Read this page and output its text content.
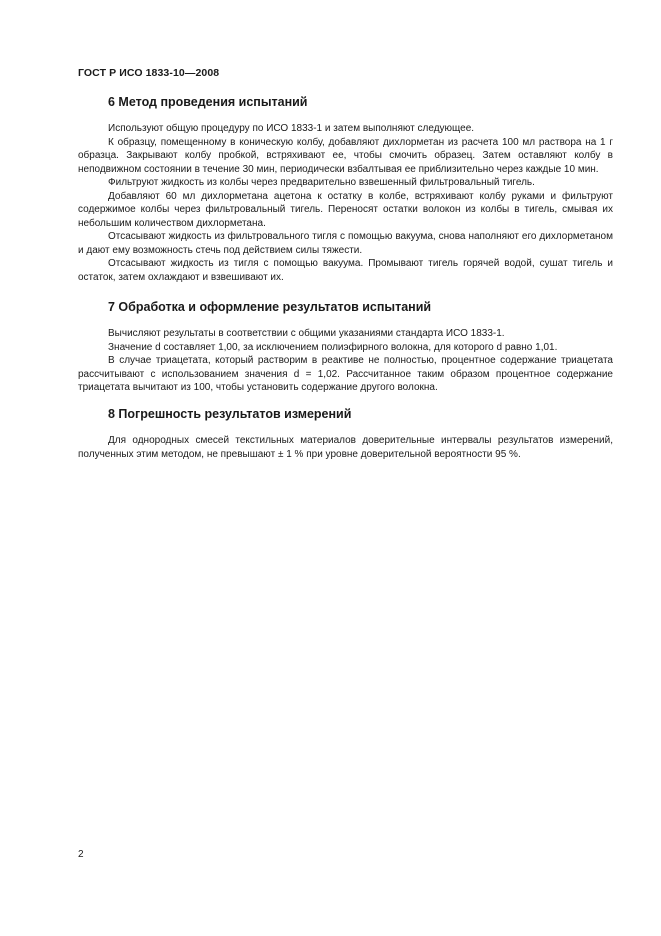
ГОСТ Р ИСО 1833-10—2008
6 Метод проведения испытаний

Используют общую процедуру по ИСО 1833-1 и затем выполняют следующее.

К образцу, помещенному в коническую колбу, добавляют дихлорметан из расчета 100 мл раствора на 1 г образца. Закрывают колбу пробкой, встряхивают ее, чтобы смочить образец. Затем оставляют колбу в неподвижном состоянии в течение 30 мин, периодически взбалтывая ее приблизительно через каждые 10 мин.

Фильтруют жидкость из колбы через предварительно взвешенный фильтровальный тигель.

Добавляют 60 мл дихлорметана ацетона к остатку в колбе, встряхивают колбу руками и фильтруют содержимое колбы через фильтровальный тигель. Переносят остатки волокон из колбы в тигель, смывая их небольшим количеством дихлорметана.

Отсасывают жидкость из фильтровального тигля с помощью вакуума, снова наполняют его дихлорметаном и дают ему возможность стечь под действием силы тяжести.

Отсасывают жидкость из тигля с помощью вакуума. Промывают тигель горячей водой, сушат тигель и остаток, затем охлаждают и взвешивают их.

7 Обработка и оформление результатов испытаний

Вычисляют результаты в соответствии с общими указаниями стандарта ИСО 1833-1.

Значение d составляет 1,00, за исключением полиэфирного волокна, для которого d равно 1,01.

В случае триацетата, который растворим в реактиве не полностью, процентное содержание триацетата рассчитывают с использованием значения d = 1,02. Рассчитанное таким образом процентное содержание триацетата вычитают из 100, чтобы установить содержание другого волокна.

8 Погрешность результатов измерений

Для однородных смесей текстильных материалов доверительные интервалы результатов измерений, полученных этим методом, не превышают ± 1 % при уровне доверительной вероятности 95 %.

2
